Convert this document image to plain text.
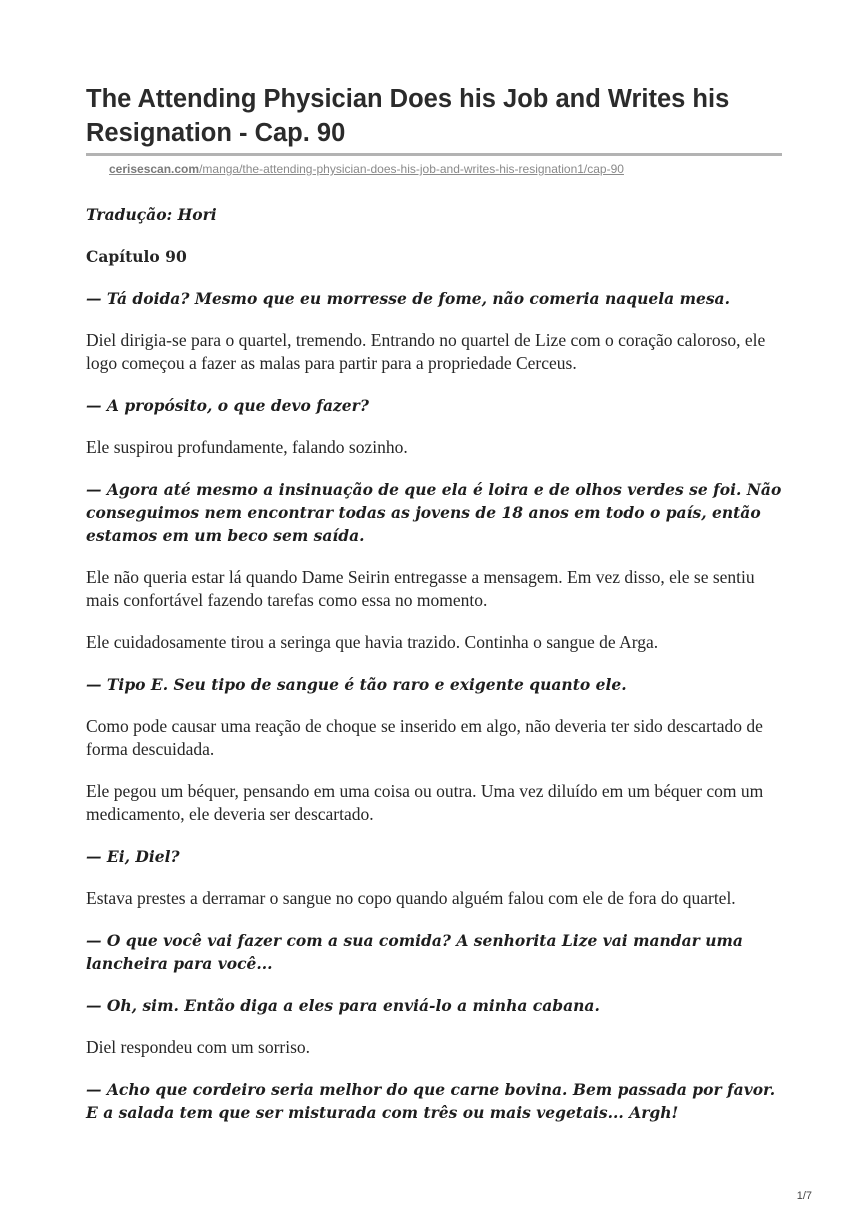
The Attending Physician Does his Job and Writes his Resignation - Cap. 90
cerisescan.com/manga/the-attending-physician-does-his-job-and-writes-his-resignation1/cap-90

Tradução: Hori

Capítulo 90

— Tá doida? Mesmo que eu morresse de fome, não comeria naquela mesa.

Diel dirigia-se para o quartel, tremendo. Entrando no quartel de Lize com o coração caloroso, ele logo começou a fazer as malas para partir para a propriedade Cerceus.

— A propósito, o que devo fazer?

Ele suspirou profundamente, falando sozinho.

— Agora até mesmo a insinuação de que ela é loira e de olhos verdes se foi. Não conseguimos nem encontrar todas as jovens de 18 anos em todo o país, então estamos em um beco sem saída.

Ele não queria estar lá quando Dame Seirin entregasse a mensagem. Em vez disso, ele se sentiu mais confortável fazendo tarefas como essa no momento.

Ele cuidadosamente tirou a seringa que havia trazido. Continha o sangue de Arga.

— Tipo E. Seu tipo de sangue é tão raro e exigente quanto ele.

Como pode causar uma reação de choque se inserido em algo, não deveria ter sido descartado de forma descuidada.

Ele pegou um béquer, pensando em uma coisa ou outra. Uma vez diluído em um béquer com um medicamento, ele deveria ser descartado.

— Ei, Diel?

Estava prestes a derramar o sangue no copo quando alguém falou com ele de fora do quartel.

— O que você vai fazer com a sua comida? A senhorita Lize vai mandar uma lancheira para você...

— Oh, sim. Então diga a eles para enviá-lo a minha cabana.

Diel respondeu com um sorriso.

— Acho que cordeiro seria melhor do que carne bovina. Bem passada por favor. E a salada tem que ser misturada com três ou mais vegetais... Argh!

1/7
